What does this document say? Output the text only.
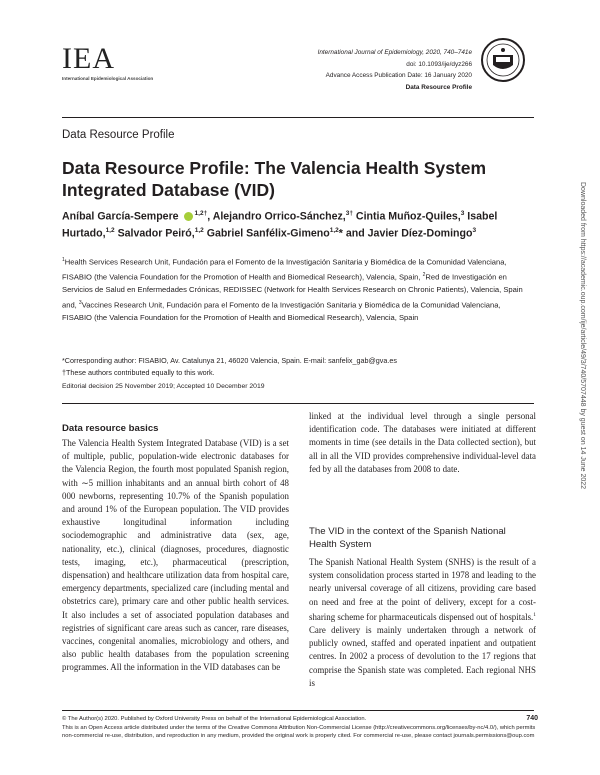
IEA
International Epidemiological Association
International Journal of Epidemiology, 2020, 740–741e
doi: 10.1093/ije/dyz266
Advance Access Publication Date: 16 January 2020
Data Resource Profile
Downloaded from https://academic.oup.com/ije/article/49/3/740/5707448 by guest on 14 June 2022
Data Resource Profile
Data Resource Profile: The Valencia Health System Integrated Database (VID)
Aníbal García-Sempere $^{1,2\dagger}$, Alejandro Orrico-Sánchez,$^{3\dagger}$ Cintia Muñoz-Quiles,$^3$ Isabel Hurtado,$^{1,2}$ Salvador Peiró,$^{1,2}$ Gabriel Sanfélix-Gimeno$^{1,2}$* and Javier Díez-Domingo$^3$
$^1$Health Services Research Unit, Fundación para el Fomento de la Investigación Sanitaria y Biomédica de la Comunidad Valenciana, FISABIO (the Valencia Foundation for the Promotion of Health and Biomedical Research), Valencia, Spain, $^2$Red de Investigación en Servicios de Salud en Enfermedades Crónicas, REDISSEC (Network for Health Services Research on Chronic Patients), Valencia, Spain and, $^3$Vaccines Research Unit, Fundación para el Fomento de la Investigación Sanitaria y Biomédica de la Comunidad Valenciana, FISABIO (the Valencia Foundation for the Promotion of Health and Biomedical Research), Valencia, Spain
*Corresponding author: FISABIO, Av. Catalunya 21, 46020 Valencia, Spain. E-mail: sanfelix_gab@gva.es
†These authors contributed equally to this work.
Editorial decision 25 November 2019; Accepted 10 December 2019
Data resource basics
The Valencia Health System Integrated Database (VID) is a set of multiple, public, population-wide electronic databases for the Valencia Region, the fourth most populated Spanish region, with ∼5 million inhabitants and an annual birth cohort of 48 000 newborns, representing 10.7% of the Spanish population and around 1% of the European population. The VID provides exhaustive longitudinal information including sociodemographic and administrative data (sex, age, nationality, etc.), clinical (diagnoses, procedures, diagnostic tests, imaging, etc.), pharmaceutical (prescription, dispensation) and healthcare utilization data from hospital care, emergency departments, specialized care (including mental and obstetrics care), primary care and other public health services. It also includes a set of associated population databases and registries of significant care areas such as cancer, rare diseases, vaccines, congenital anomalies, microbiology and others, and also public health databases from the population screening programmes. All the information in the VID databases can be
linked at the individual level through a single personal identification code. The databases were initiated at different moments in time (see details in the Data collected section), but all in all the VID provides comprehensive individual-level data fed by all the databases from 2008 to date.
The VID in the context of the Spanish National Health System
The Spanish National Health System (SNHS) is the result of a system consolidation process started in 1978 and leading to the nearly universal coverage of all citizens, providing care based on need and free at the point of delivery, except for a cost-sharing scheme for pharmaceuticals dispensed out of hospitals.$^1$ Care delivery is mainly undertaken through a network of publicly owned, staffed and operated inpatient and outpatient centres. In 2002 a process of devolution to the 17 regions that comprise the Spanish state was completed. Each regional NHS is
© The Author(s) 2020. Published by Oxford University Press on behalf of the International Epidemiological Association.
This is an Open Access article distributed under the terms of the Creative Commons Attribution Non-Commercial License (http://creativecommons.org/licenses/by-nc/4.0/), which permits non-commercial re-use, distribution, and reproduction in any medium, provided the original work is properly cited. For commercial re-use, please contact journals.permissions@oup.com
740
